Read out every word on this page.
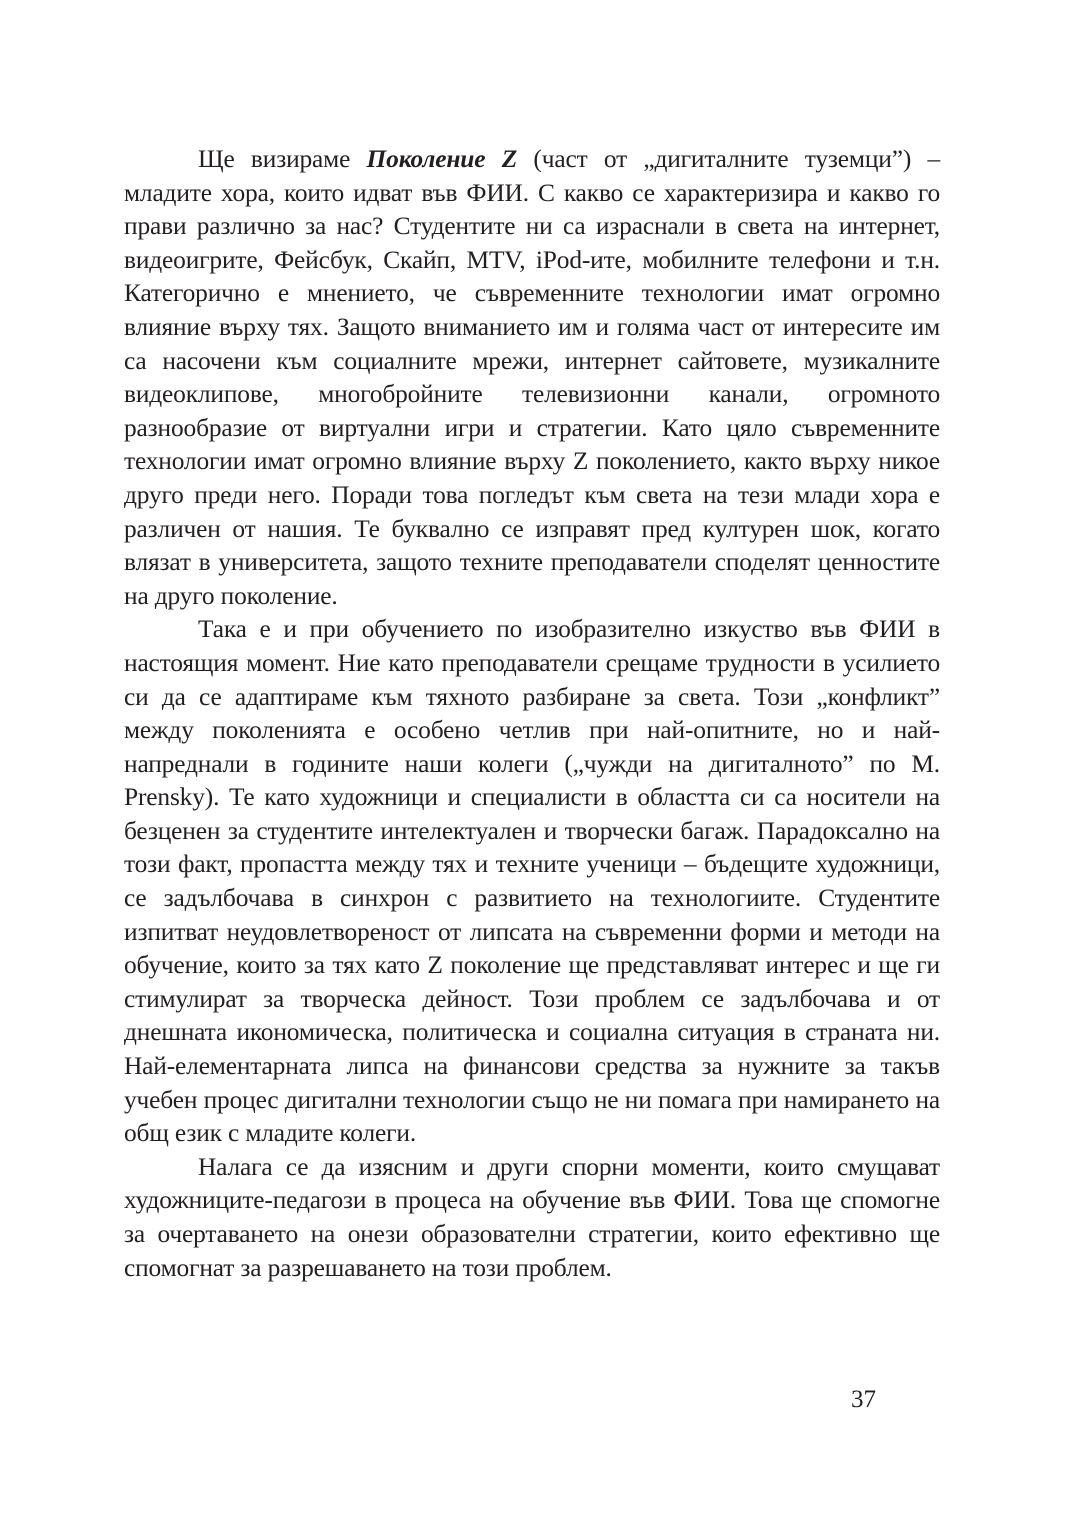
Ще визираме Поколение Z (част от „дигиталните туземци”) – младите хора, които идват във ФИИ. С какво се характеризира и какво го прави различно за нас? Студентите ни са израснали в света на интернет, видеоигрите, Фейсбук, Скайп, MTV, iPod-ите, мобилните телефони и т.н. Категорично е мнението, че съвременните технологии имат огромно влияние върху тях. Защото вниманието им и голяма част от интересите им са насочени към социалните мрежи, интернет сайтовете, музикалните видеоклипове, многобройните телевизионни канали, огромното разнообразие от виртуални игри и стратегии. Като цяло съвременните технологии имат огромно влияние върху Z поколението, както върху никое друго преди него. Поради това погледът към света на тези млади хора е различен от нашия. Те буквално се изправят пред културен шок, когато влязат в университета, защото техните преподаватели споделят ценностите на друго поколение.

Така е и при обучението по изобразително изкуство във ФИИ в настоящия момент. Ние като преподаватели срещаме трудности в усилието си да се адаптираме към тяхното разбиране за света. Този „конфликт” между поколенията е особено четлив при най-опитните, но и най-напреднали в годините наши колеги („чужди на дигиталното” по M. Prensky). Те като художници и специалисти в областта си са носители на безценен за студентите интелектуален и творчески багаж. Парадоксално на този факт, пропастта между тях и техните ученици – бъдещите художници, се задълбочава в синхрон с развитието на технологиите. Студентите изпитват неудовлетвореност от липсата на съвременни форми и методи на обучение, които за тях като Z поколение ще представляват интерес и ще ги стимулират за творческа дейност. Този проблем се задълбочава и от днешната икономическа, политическа и социална ситуация в страната ни. Най-елементарната липса на финансови средства за нужните за такъв учебен процес дигитални технологии също не ни помага при намирането на общ език с младите колеги.

Налага се да изясним и други спорни моменти, които смущават художниците-педагози в процеса на обучение във ФИИ. Това ще спомогне за очертаването на онези образователни стратегии, които ефективно ще спомогнат за разрешаването на този проблем.

37
